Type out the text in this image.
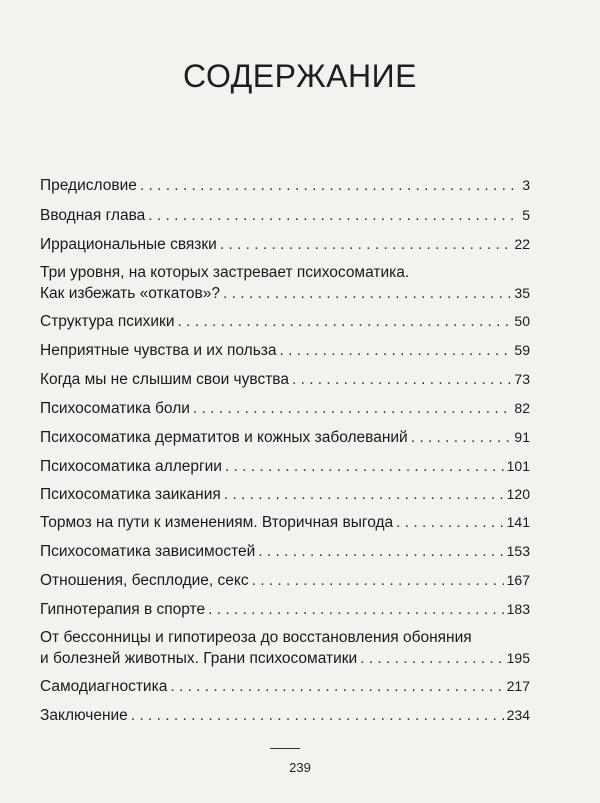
СОДЕРЖАНИЕ
Предисловие . . .	3
Вводная глава . . .	5
Иррациональные связки . . .	22
Три уровня, на которых застревает психосоматика.
Как избежать «откатов»? . . .	35
Структура психики . . .	50
Неприятные чувства и их польза . . .	59
Когда мы не слышим свои чувства . . .	73
Психосоматика боли . . .	82
Психосоматика дерматитов и кожных заболеваний . . .	91
Психосоматика аллергии . . .	101
Психосоматика заикания . . .	120
Тормоз на пути к изменениям. Вторичная выгода . . .	141
Психосоматика зависимостей . . .	153
Отношения, бесплодие, секс . . .	167
Гипнотерапия в спорте . . .	183
От бессонницы и гипотиреоза до восстановления обоняния
и болезней животных. Грани психосоматики . . .	195
Самодиагностика . . .	217
Заключение . . .	234
239
